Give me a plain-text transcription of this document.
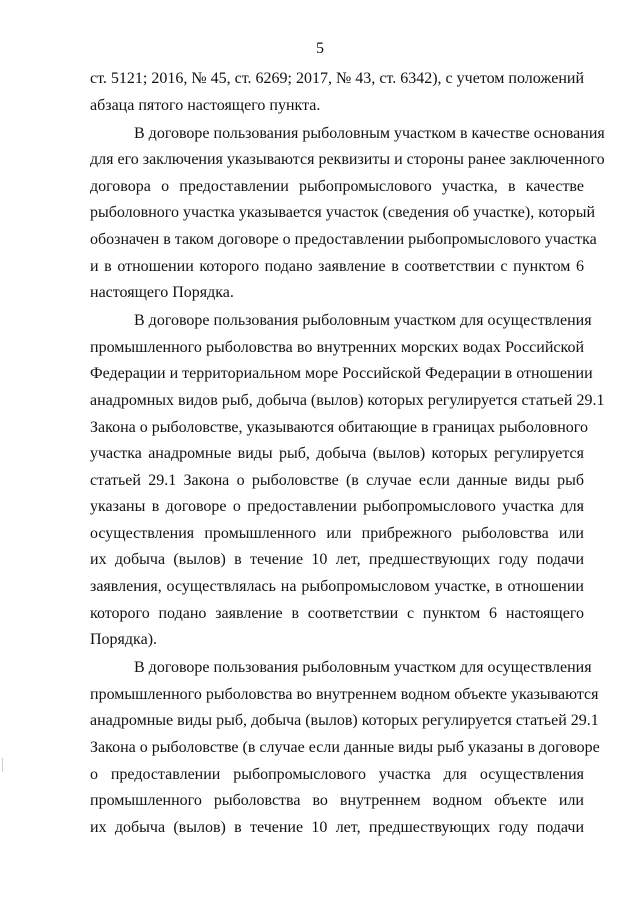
5
ст. 5121; 2016, № 45, ст. 6269; 2017, № 43, ст. 6342), с учетом положений
абзаца пятого настоящего пункта.
В договоре пользования рыболовным участком в качестве основания
для его заключения указываются реквизиты и стороны ранее заключенного
договора о предоставлении рыбопромыслового участка, в качестве
рыболовного участка указывается участок (сведения об участке), который
обозначен в таком договоре о предоставлении рыбопромыслового участка
и в отношении которого подано заявление в соответствии с пунктом 6
настоящего Порядка.
В договоре пользования рыболовным участком для осуществления
промышленного рыболовства во внутренних морских водах Российской
Федерации и территориальном море Российской Федерации в отношении
анадромных видов рыб, добыча (вылов) которых регулируется статьей 29.1
Закона о рыболовстве, указываются обитающие в границах рыболовного
участка анадромные виды рыб, добыча (вылов) которых регулируется
статьей 29.1 Закона о рыболовстве (в случае если данные виды рыб
указаны в договоре о предоставлении рыбопромыслового участка для
осуществления промышленного или прибрежного рыболовства или
их добыча (вылов) в течение 10 лет, предшествующих году подачи
заявления, осуществлялась на рыбопромысловом участке, в отношении
которого подано заявление в соответствии с пунктом 6 настоящего
Порядка).
В договоре пользования рыболовным участком для осуществления
промышленного рыболовства во внутреннем водном объекте указываются
анадромные виды рыб, добыча (вылов) которых регулируется статьей 29.1
Закона о рыболовстве (в случае если данные виды рыб указаны в договоре
о предоставлении рыбопромыслового участка для осуществления
промышленного рыболовства во внутреннем водном объекте или
их добыча (вылов) в течение 10 лет, предшествующих году подачи
